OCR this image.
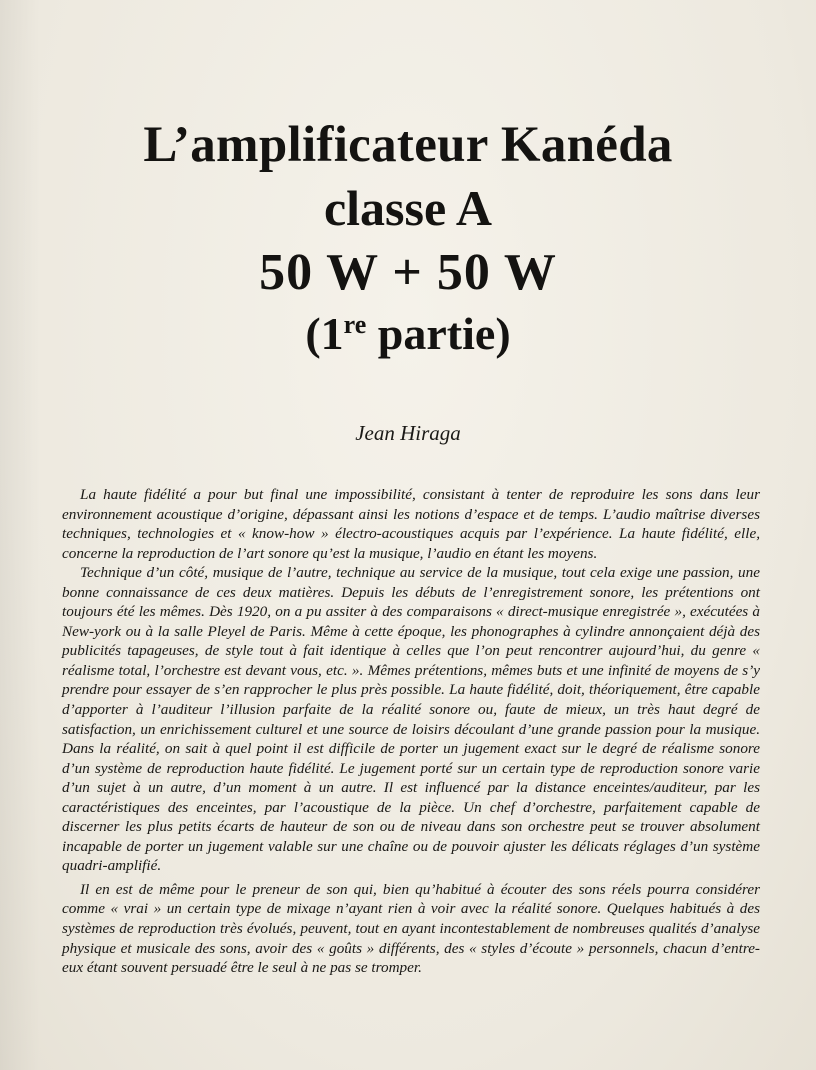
L’amplificateur Kanéda
classe A
50 W + 50 W
(1re partie)
Jean Hiraga

La haute fidélité a pour but final une impossibilité, consistant à tenter de reproduire les sons dans leur environnement acoustique d’origine, dépassant ainsi les notions d’espace et de temps. L’audio maîtrise diverses techniques, technologies et « know-how » électro-acoustiques acquis par l’expérience. La haute fidélité, elle, concerne la reproduction de l’art sonore qu’est la musique, l’audio en étant les moyens.

Technique d’un côté, musique de l’autre, technique au service de la musique, tout cela exige une passion, une bonne connaissance de ces deux matières. Depuis les débuts de l’enregistrement sonore, les prétentions ont toujours été les mêmes. Dès 1920, on a pu assiter à des comparaisons « direct-musique enregistrée », exécutées à New-york ou à la salle Pleyel de Paris. Même à cette époque, les phonographes à cylindre annonçaient déjà des publicités tapageuses, de style tout à fait identique à celles que l’on peut rencontrer aujourd’hui, du genre « réalisme total, l’orchestre est devant vous, etc. ». Mêmes prétentions, mêmes buts et une infinité de moyens de s’y prendre pour essayer de s’en rapprocher le plus près possible. La haute fidélité, doit, théoriquement, être capable d’apporter à l’auditeur l’illusion parfaite de la réalité sonore ou, faute de mieux, un très haut degré de satisfaction, un enrichissement culturel et une source de loisirs découlant d’une grande passion pour la musique. Dans la réalité, on sait à quel point il est difficile de porter un jugement exact sur le degré de réalisme sonore d’un système de reproduction haute fidélité. Le jugement porté sur un certain type de reproduction sonore varie d’un sujet à un autre, d’un moment à un autre. Il est influencé par la distance enceintes/auditeur, par les caractéristiques des enceintes, par l’acoustique de la pièce. Un chef d’orchestre, parfaitement capable de discerner les plus petits écarts de hauteur de son ou de niveau dans son orchestre peut se trouver absolument incapable de porter un jugement valable sur une chaîne ou de pouvoir ajuster les délicats réglages d’un système quadri-amplifié.

Il en est de même pour le preneur de son qui, bien qu’habitué à écouter des sons réels pourra considérer comme « vrai » un certain type de mixage n’ayant rien à voir avec la réalité sonore. Quelques habitués à des systèmes de reproduction très évolués, peuvent, tout en ayant incontestablement de nombreuses qualités d’analyse physique et musicale des sons, avoir des « goûts » différents, des « styles d’écoute » personnels, chacun d’entre-eux étant souvent persuadé être le seul à ne pas se tromper.
